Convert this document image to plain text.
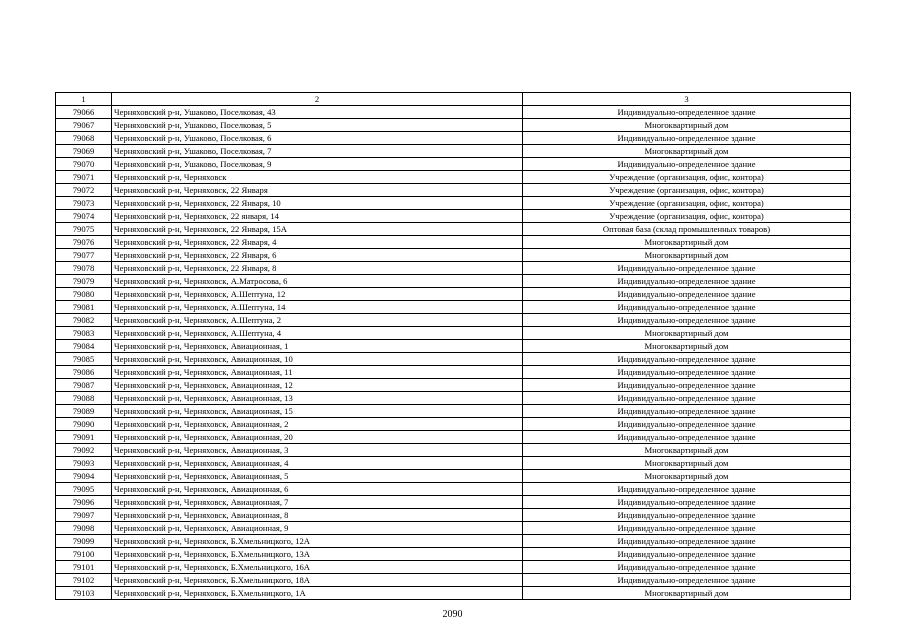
1	2	3
79066	Черняховский р-н, Ушаково, Поселковая, 43	Индивидуально-определенное здание
79067	Черняховский р-н, Ушаково, Поселковая, 5	Многоквартирный дом
79068	Черняховский р-н, Ушаково, Поселковая, 6	Индивидуально-определенное здание
79069	Черняховский р-н, Ушаково, Поселковая, 7	Многоквартирный дом
79070	Черняховский р-н, Ушаково, Поселковая, 9	Индивидуально-определенное здание
79071	Черняховский р-н, Черняховск	Учреждение (организация, офис, контора)
79072	Черняховский р-н, Черняховск, 22 Января	Учреждение (организация, офис, контора)
79073	Черняховский р-н, Черняховск, 22 Января, 10	Учреждение (организация, офис, контора)
79074	Черняховский р-н, Черняховск, 22 января, 14	Учреждение (организация, офис, контора)
79075	Черняховский р-н, Черняховск, 22 Января, 15А	Оптовая база (склад промышленных товаров)
79076	Черняховский р-н, Черняховск, 22 Января, 4	Многоквартирный дом
79077	Черняховский р-н, Черняховск, 22 Января, 6	Многоквартирный дом
79078	Черняховский р-н, Черняховск, 22 Января, 8	Индивидуально-определенное здание
79079	Черняховский р-н, Черняховск, А.Матросова, 6	Индивидуально-определенное здание
79080	Черняховский р-н, Черняховск, А.Шептуна, 12	Индивидуально-определенное здание
79081	Черняховский р-н, Черняховск, А.Шептуна, 14	Индивидуально-определенное здание
79082	Черняховский р-н, Черняховск, А.Шептуна, 2	Индивидуально-определенное здание
79083	Черняховский р-н, Черняховск, А.Шептуна, 4	Многоквартирный дом
79084	Черняховский р-н, Черняховск, Авиационная, 1	Многоквартирный дом
79085	Черняховский р-н, Черняховск, Авиационная, 10	Индивидуально-определенное здание
79086	Черняховский р-н, Черняховск, Авиационная, 11	Индивидуально-определенное здание
79087	Черняховский р-н, Черняховск, Авиационная, 12	Индивидуально-определенное здание
79088	Черняховский р-н, Черняховск, Авиационная, 13	Индивидуально-определенное здание
79089	Черняховский р-н, Черняховск, Авиационная, 15	Индивидуально-определенное здание
79090	Черняховский р-н, Черняховск, Авиационная, 2	Индивидуально-определенное здание
79091	Черняховский р-н, Черняховск, Авиационная, 20	Индивидуально-определенное здание
79092	Черняховский р-н, Черняховск, Авиационная, 3	Многоквартирный дом
79093	Черняховский р-н, Черняховск, Авиационная, 4	Многоквартирный дом
79094	Черняховский р-н, Черняховск, Авиационная, 5	Многоквартирный дом
79095	Черняховский р-н, Черняховск, Авиационная, 6	Индивидуально-определенное здание
79096	Черняховский р-н, Черняховск, Авиационная, 7	Индивидуально-определенное здание
79097	Черняховский р-н, Черняховск, Авиационная, 8	Индивидуально-определенное здание
79098	Черняховский р-н, Черняховск, Авиационная, 9	Индивидуально-определенное здание
79099	Черняховский р-н, Черняховск, Б.Хмельницкого, 12А	Индивидуально-определенное здание
79100	Черняховский р-н, Черняховск, Б.Хмельницкого, 13А	Индивидуально-определенное здание
79101	Черняховский р-н, Черняховск, Б.Хмельницкого, 16А	Индивидуально-определенное здание
79102	Черняховский р-н, Черняховск, Б.Хмельницкого, 18А	Индивидуально-определенное здание
79103	Черняховский р-н, Черняховск, Б.Хмельницкого, 1А	Многоквартирный дом
2090
